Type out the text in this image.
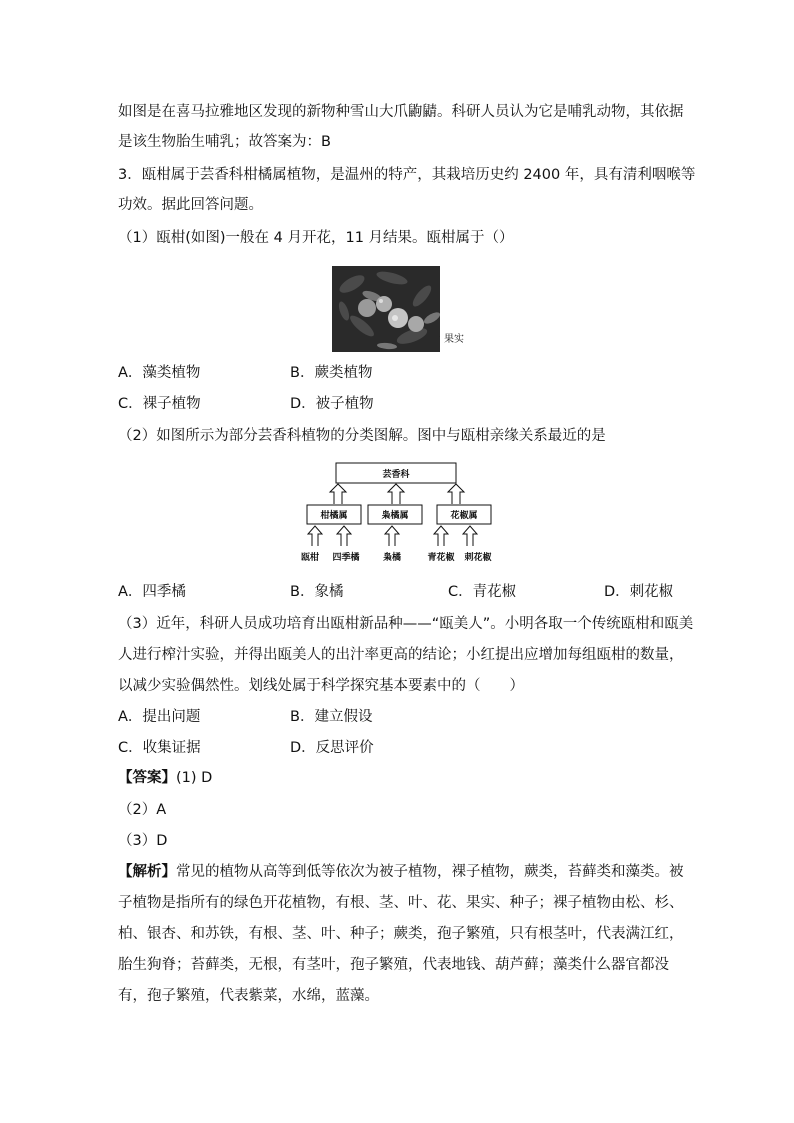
如图是在喜马拉雅地区发现的新物种雪山大爪鼩鼱。科研人员认为它是哺乳动物，其依据
是该生物胎生哺乳；故答案为：B
3．瓯柑属于芸香科柑橘属植物，是温州的特产，其栽培历史约 2400 年，具有清利咽喉等
功效。据此回答问题。
（1）瓯柑(如图)一般在 4 月开花，11 月结果。瓯柑属于（）
果实
A．藻类植物	B．蕨类植物
C．裸子植物	D．被子植物
（2）如图所示为部分芸香科植物的分类图解。图中与瓯柑亲缘关系最近的是
芸香科
柑橘属	枭橘属	花椒属
瓯柑 四季橘	枭橘	青花椒 刺花椒
A．四季橘	B．象橘	C．青花椒	D．刺花椒
（3）近年，科研人员成功培育出瓯柑新品种——“瓯美人”。小明各取一个传统瓯柑和瓯美
人进行榨汁实验，并得出瓯美人的出汁率更高的结论；小红提出应增加每组瓯柑的数量，
以减少实验偶然性。划线处属于科学探究基本要素中的（　　）
A．提出问题	B．建立假设
C．收集证据	D．反思评价
【答案】(1) D
（2）A
（3）D
【解析】常见的植物从高等到低等依次为被子植物，裸子植物，蕨类，苔藓类和藻类。被
子植物是指所有的绿色开花植物，有根、茎、叶、花、果实、种子；裸子植物由松、杉、
柏、银杏、和苏铁，有根、茎、叶、种子；蕨类，孢子繁殖，只有根茎叶，代表满江红，
胎生狗脊；苔藓类，无根，有茎叶，孢子繁殖，代表地钱、葫芦藓；藻类什么器官都没
有，孢子繁殖，代表紫菜，水绵，蓝藻。
